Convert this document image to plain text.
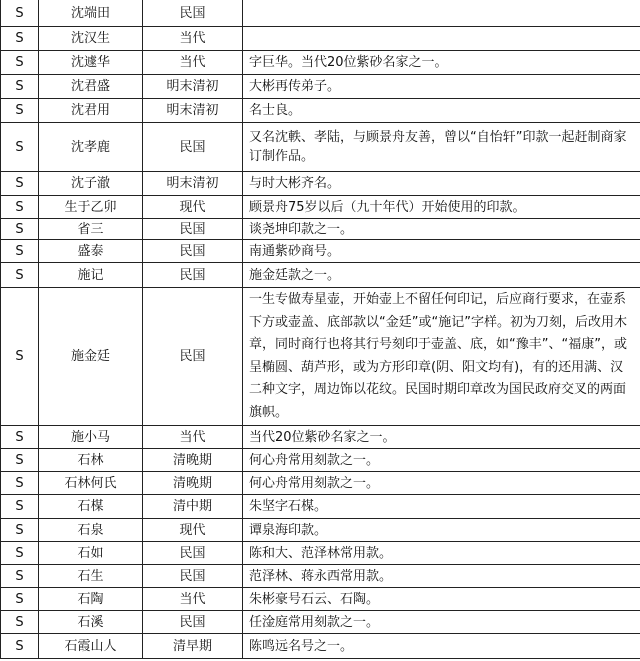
S	沈端田	民国	
S	沈汉生	当代	
S	沈遽华	当代	字巨华。当代20位紫砂名家之一。
S	沈君盛	明末清初	大彬再传弟子。
S	沈君用	明末清初	名士良。
S	沈孝鹿	民国	又名沈軼、孝陆，与顾景舟友善，曾以“自怡轩”印款一起赶制商家订制作品。
S	沈子澈	明末清初	与时大彬齐名。
S	生于乙卯	现代	顾景舟75岁以后（九十年代）开始使用的印款。
S	省三	民国	谈尧坤印款之一。
S	盛泰	民国	南通紫砂商号。
S	施记	民国	施金廷款之一。
S	施金廷	民国	一生专做寿星壶，开始壶上不留任何印记，后应商行要求，在壶系下方或壶盖、底部款以“金廷”或“施记”字样。初为刀刻，后改用木章，同时商行也将其行号刻印于壶盖、底，如“豫丰”、“福康”，或呈椭圆、葫芦形，或为方形印章(阴、阳文均有)，有的还用满、汉二种文字，周边饰以花纹。民国时期印章改为国民政府交叉的两面旗帜。
S	施小马	当代	当代20位紫砂名家之一。
S	石林	清晚期	何心舟常用刻款之一。
S	石林何氏	清晚期	何心舟常用刻款之一。
S	石楳	清中期	朱坚字石楳。
S	石泉	现代	谭泉海印款。
S	石如	民国	陈和大、范泽林常用款。
S	石生	民国	范泽林、蒋永西常用款。
S	石陶	当代	朱彬豪号石云、石陶。
S	石溪	民国	任淦庭常用刻款之一。
S	石霞山人	清早期	陈鸣远名号之一。
